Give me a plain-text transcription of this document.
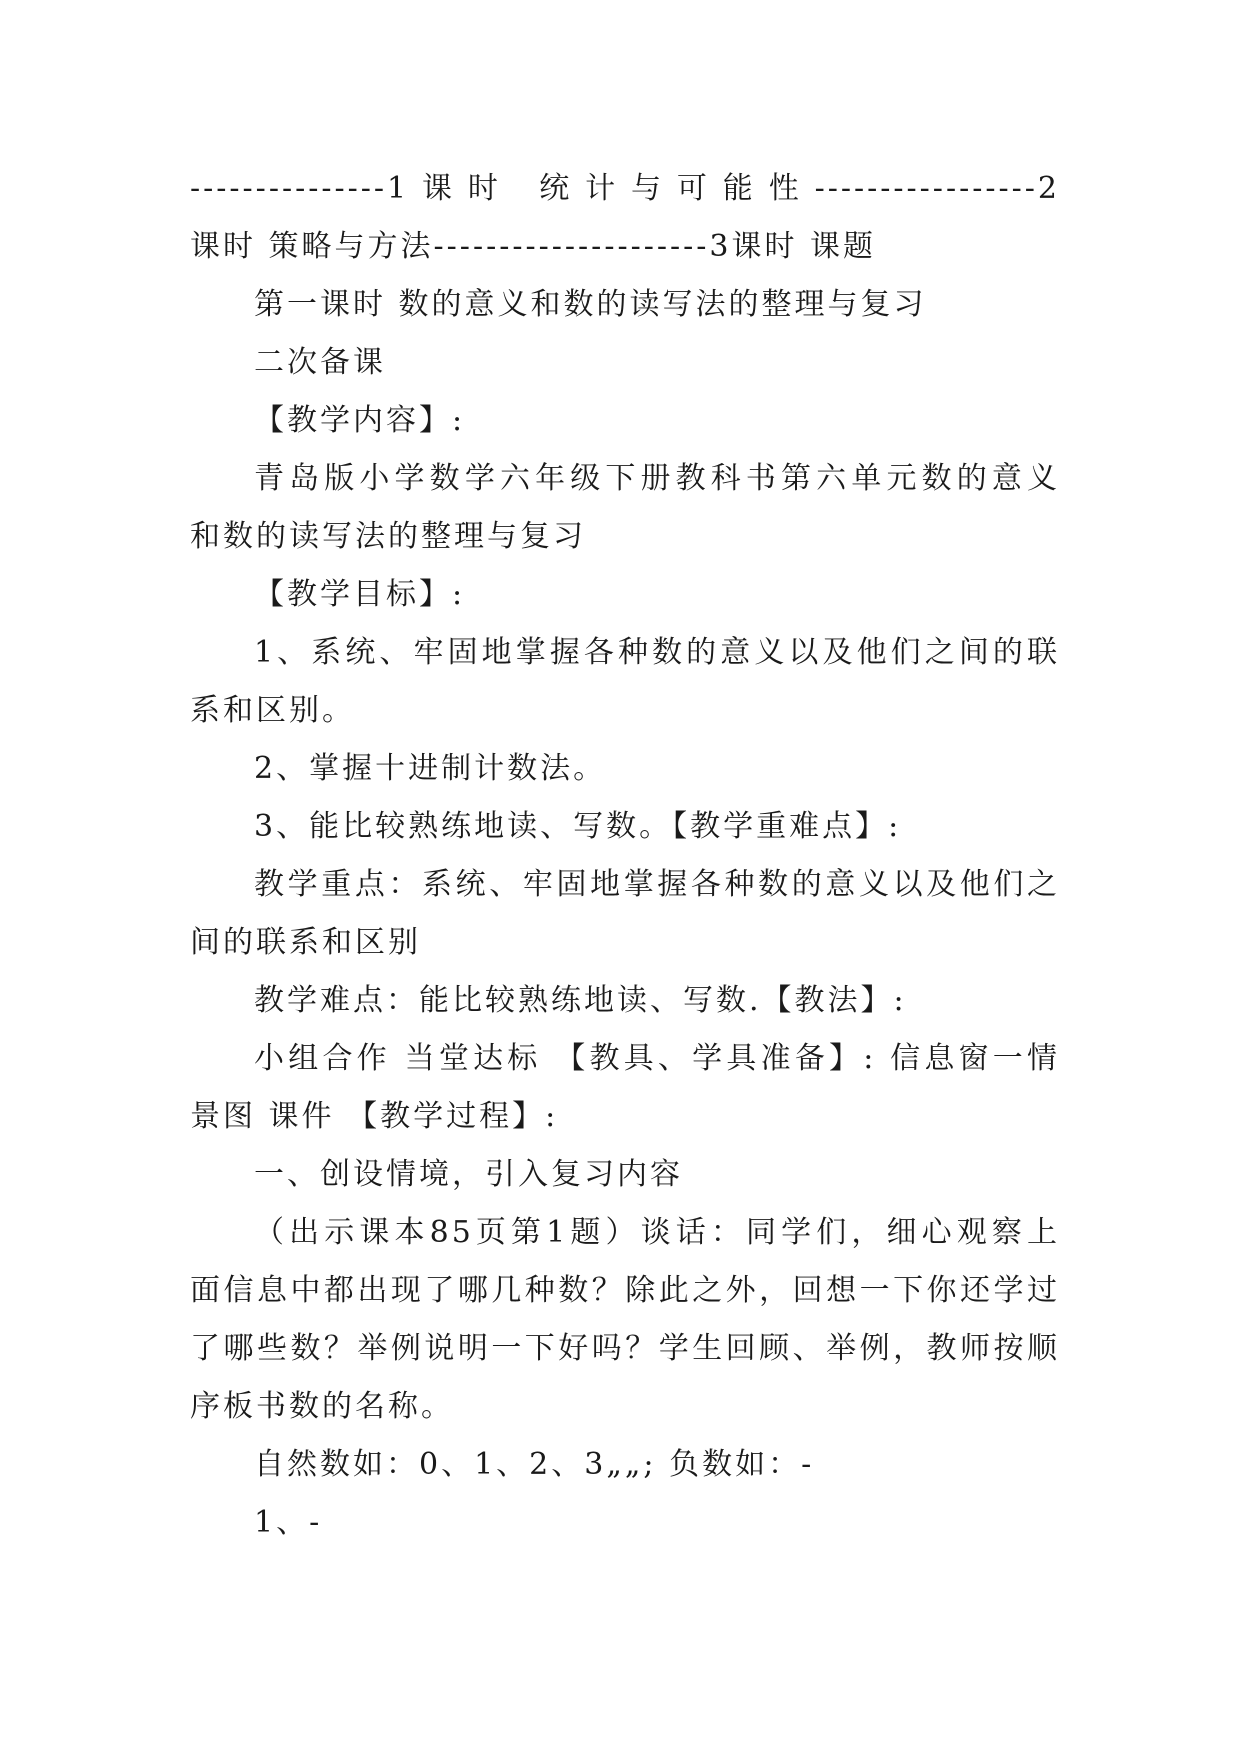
---------------1课时 统计与可能性-----------------2
课时 策略与方法---------------------3课时 课题
第一课时 数的意义和数的读写法的整理与复习
二次备课
【教学内容】:
青岛版小学数学六年级下册教科书第六单元数的意义
和数的读写法的整理与复习
【教学目标】:
1、系统、牢固地掌握各种数的意义以及他们之间的联
系和区别。
2、掌握十进制计数法。
3、能比较熟练地读、写数。【教学重难点】:
教学重点：系统、牢固地掌握各种数的意义以及他们之
间的联系和区别
教学难点：能比较熟练地读、写数.【教法】:
小组合作 当堂达标 【教具、学具准备】: 信息窗一情
景图 课件 【教学过程】:
一、创设情境，引入复习内容
（出示课本85页第1题）谈话：同学们，细心观察上
面信息中都出现了哪几种数？除此之外，回想一下你还学过
了哪些数？举例说明一下好吗？学生回顾、举例，教师按顺
序板书数的名称。
自然数如：0、1、2、3„„; 负数如：-
1、-
